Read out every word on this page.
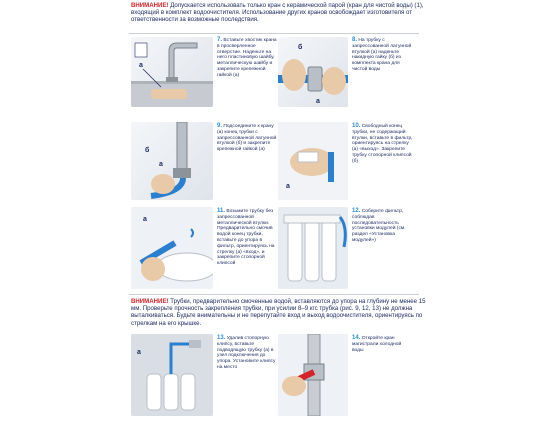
ВНИМАНИЕ! Допускается использовать только кран с керамической парой (кран для чистой воды) (1), входящий в комплект водоочистителя. Использование других кранов освобождает изготовителя от ответственности за возможные последствия.

а

7. Вставьте хвостик крана в просверленное отверстие. Наденьте на него пластиновую шайбу, металлическую шайбу и закрепите крепежной гайкой (а)

б
а

8. На трубку с запрессованной латунной втулкой (а) наденьте накидную гайку (б) из комплекта крана для чистой воды

б
а

9. Подсоедините к крану (а) конец трубки с запрессованной латунной втулкой (б) и закрепите крепежной гайкой (а)

а

10. Свободный конец трубки, не содержащий втулки, вставьте в фильтр, ориентируясь на стрелку (а) «выход». Закрепите трубку стопорной клипсой (б)

а

11. Возьмите трубку без запрессованной металлической втулки. Предварительно смочив водой конец трубки, вставьте до упора в фильтр, ориентируясь на стрелку (а) «вход», и закрепите стопорной клипсой

12. Соберите фильтр, соблюдая последовательность установки модулей (см. раздел «Установка модулей»)

ВНИМАНИЕ! Трубки, предварительно смоченные водой, вставляются до упора на глубину не менее 15 мм. Проверьте прочность закрепления трубки, при усилии 8–9 кгс трубка (рис. 9, 12, 13) не должна выталкиваться. Будьте внимательны и не перепутайте вход и выход водоочистителя, ориентируясь по стрелкам на его крышке.

а

13. Удалив стопорную клипсу, вставьте подводящую трубку (а) в узел подключения до упора. Установите клипсу на место

14. Откройте кран магистрали холодной воды
